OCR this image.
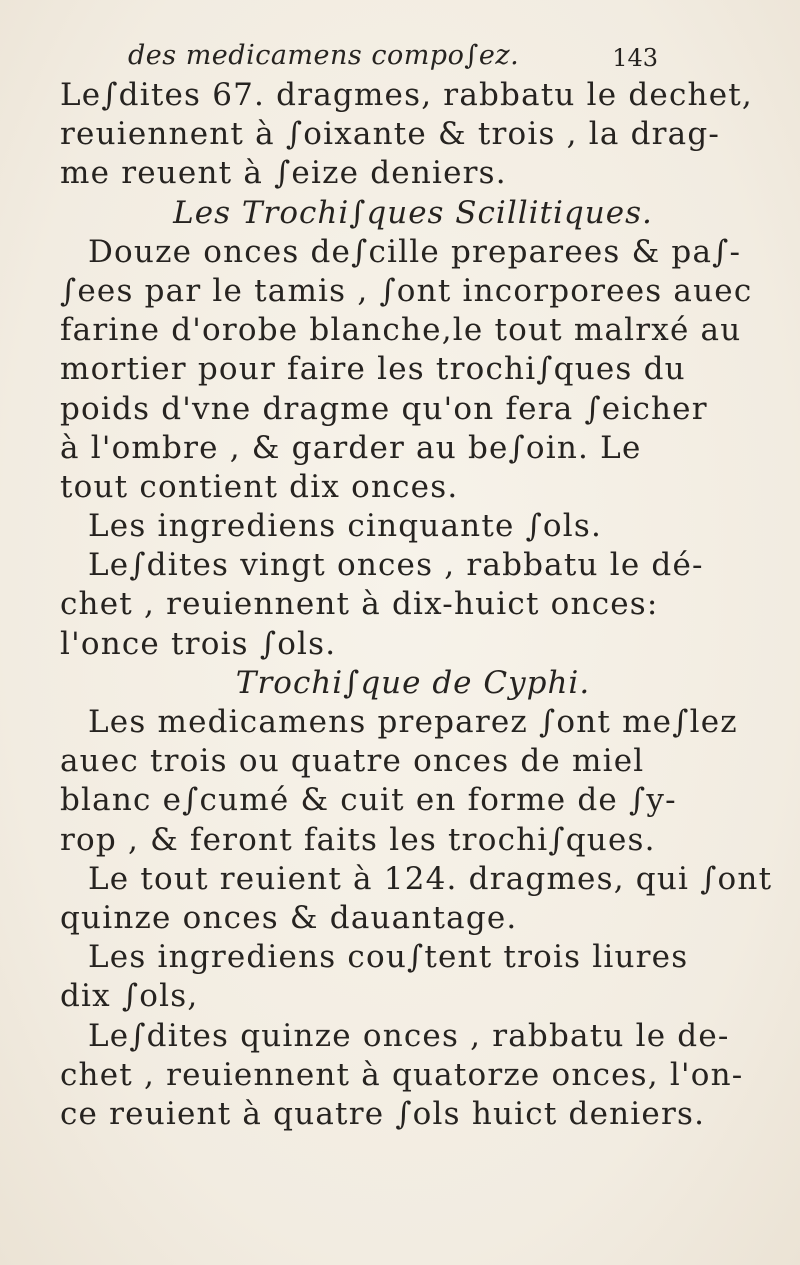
des medicamens compo∫ez.	143
Le∫dites 67. dragmes, rabbatu le dechet,
reuiennent à ∫oixante & trois , la drag-
me reuent à ∫eize deniers.
Les Trochi∫ques Scillitiques.
Douze onces de∫cille preparees & pa∫-
∫ees par le tamis , ∫ont incorporees auec
farine d'orobe blanche,le tout malrxé au
mortier pour faire les trochi∫ques du
poids d'vne dragme qu'on fera ∫eicher
à l'ombre , & garder au be∫oin. Le
tout contient dix onces.
Les ingrediens cinquante ∫ols.
Le∫dites vingt onces , rabbatu le dé-
chet , reuiennent à dix-huict onces:
l'once trois ∫ols.
Trochi∫que de Cyphi.
Les medicamens preparez ∫ont me∫lez
auec trois ou quatre onces de miel
blanc e∫cumé & cuit en forme de ∫y-
rop , & feront faits les trochi∫ques.
Le tout reuient à 124. dragmes, qui ∫ont
quinze onces & dauantage.
Les ingrediens cou∫tent trois liures
dix ∫ols,
Le∫dites quinze onces , rabbatu le de-
chet , reuiennent à quatorze onces, l'on-
ce reuient à quatre ∫ols huict deniers.
